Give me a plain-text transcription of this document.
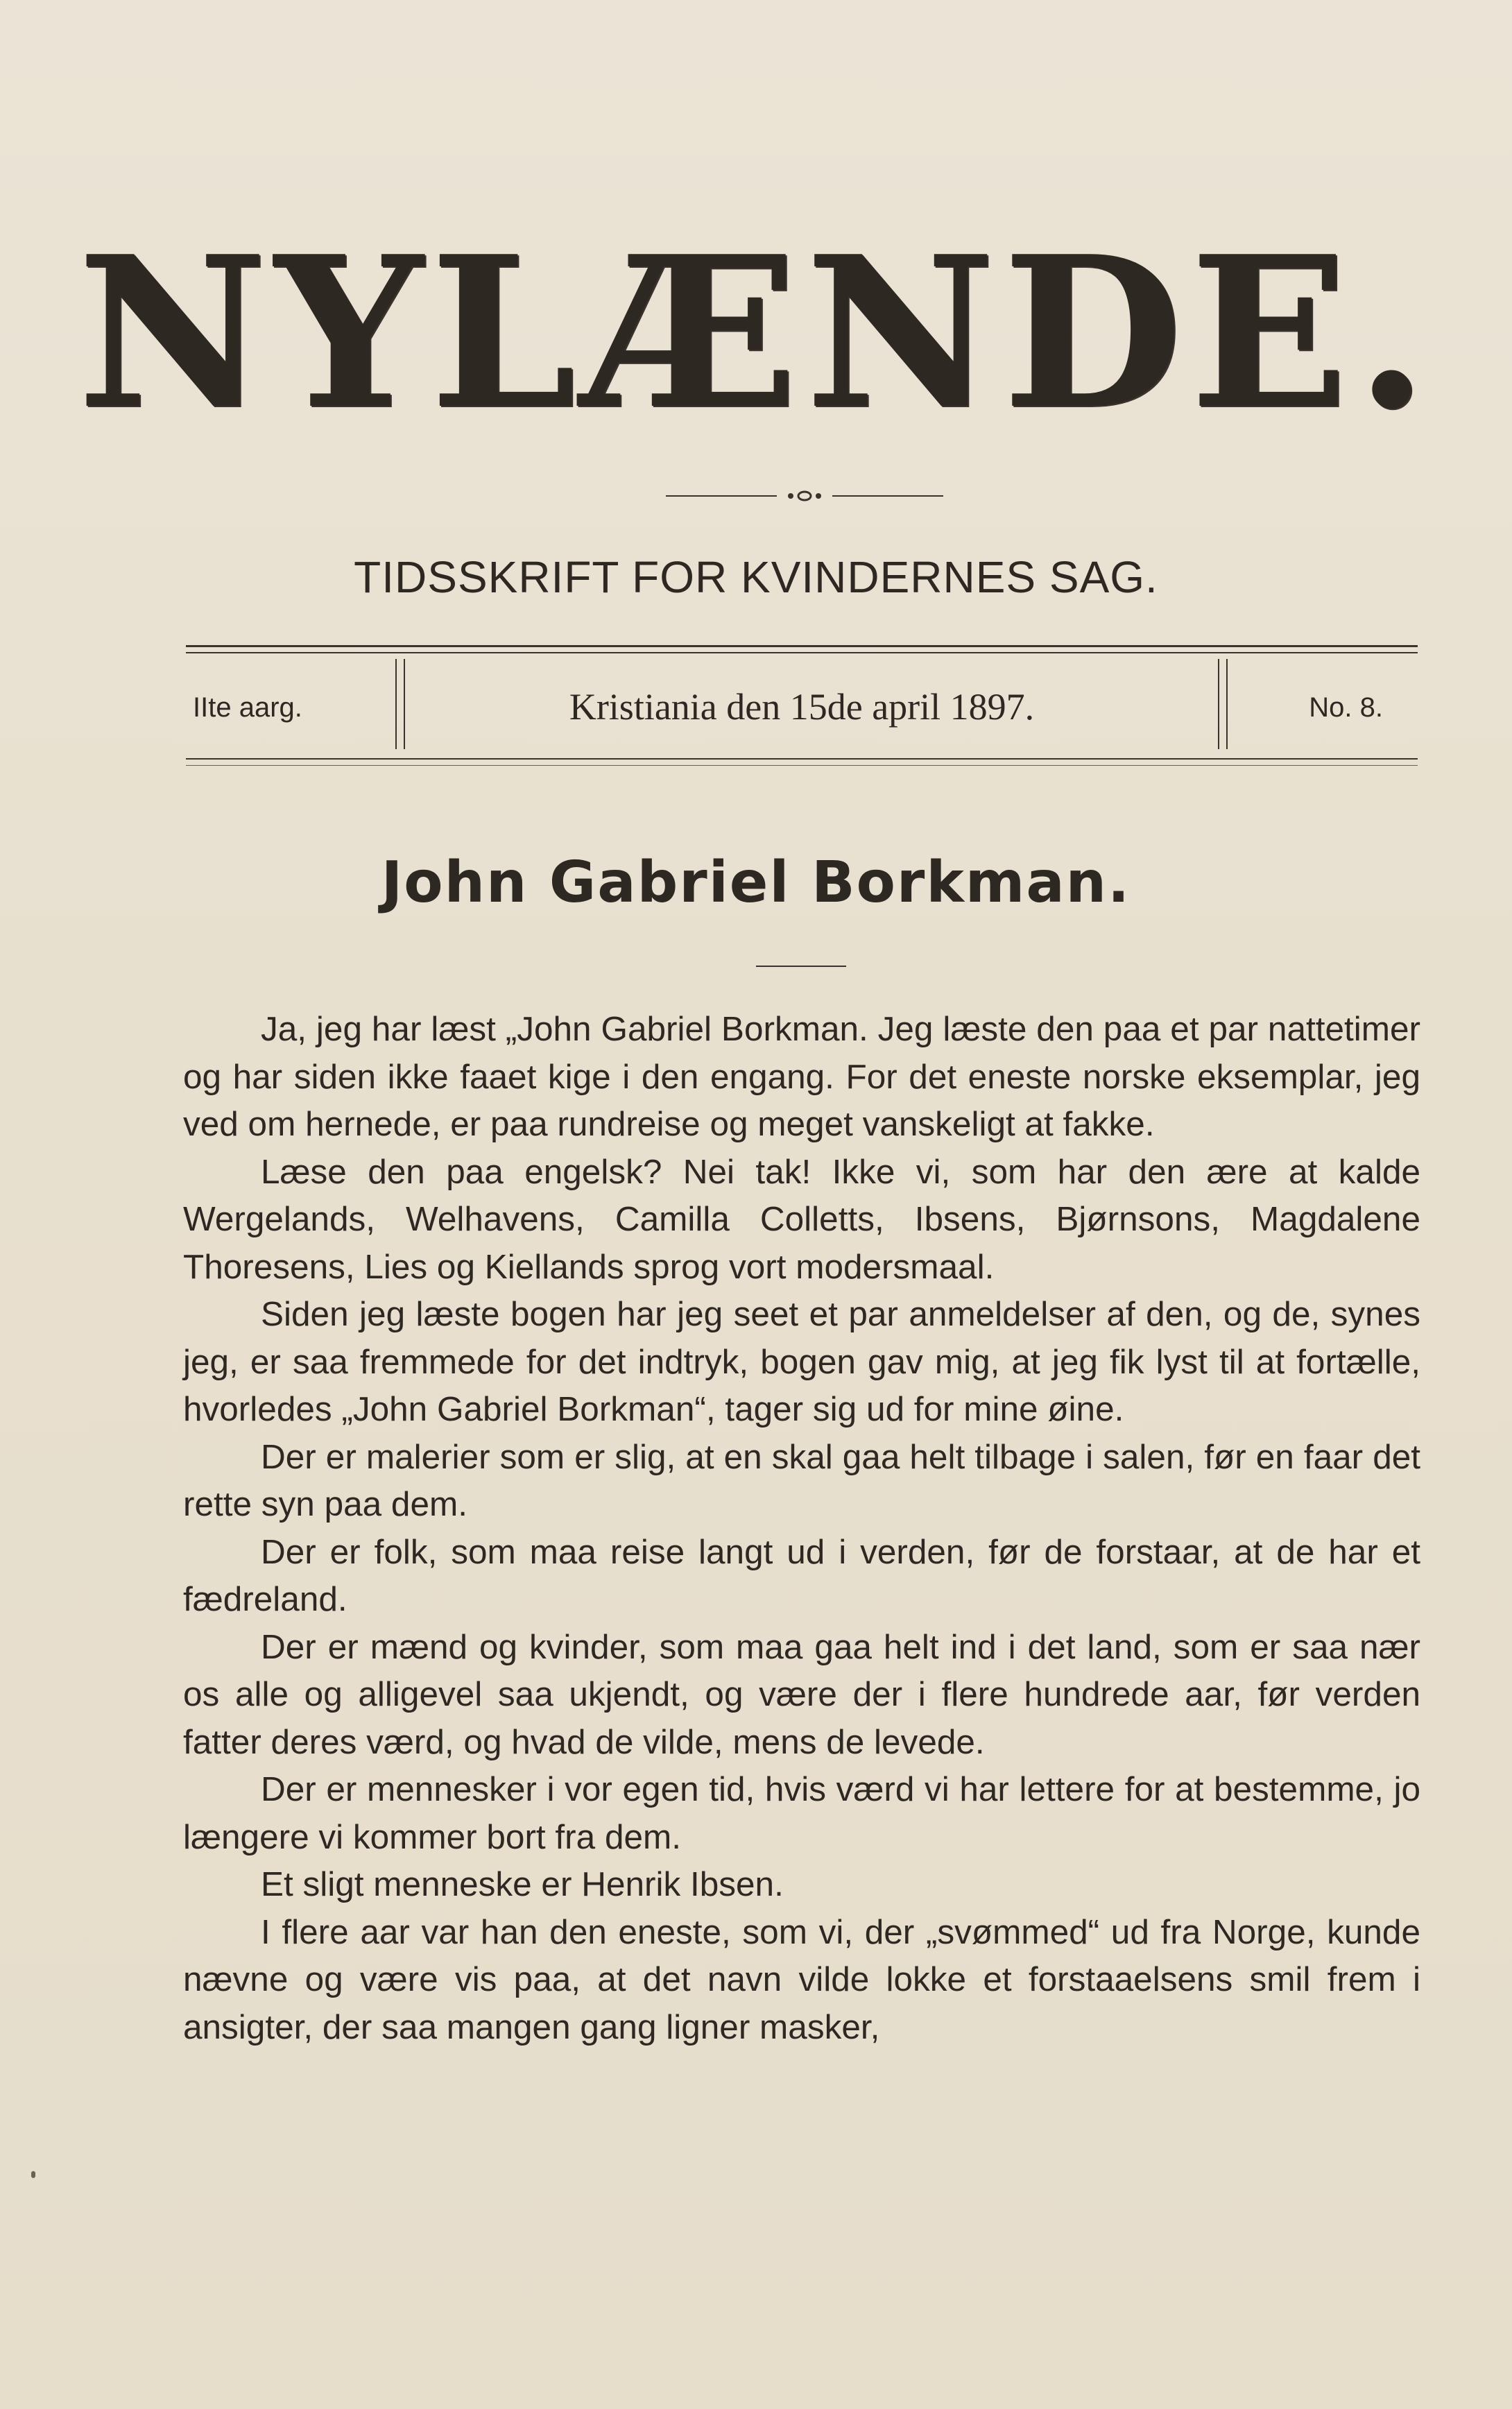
NYLÆNDE.
TIDSSKRIFT FOR KVINDERNES SAG.
IIte aarg.	Kristiania den 15de april 1897.	No. 8.
John Gabriel Borkman.

Ja, jeg har læst „John Gabriel Borkman. Jeg læste den paa et par nattetimer og har siden ikke faaet kige i den engang. For det eneste norske eksemplar, jeg ved om hernede, er paa rundreise og meget vanskeligt at fakke.

Læse den paa engelsk? Nei tak! Ikke vi, som har den ære at kalde Wergelands, Welhavens, Camilla Colletts, Ibsens, Bjørnsons, Magdalene Thoresens, Lies og Kiellands sprog vort modersmaal.

Siden jeg læste bogen har jeg seet et par anmeldelser af den, og de, synes jeg, er saa fremmede for det indtryk, bogen gav mig, at jeg fik lyst til at fortælle, hvorledes „John Gabriel Borkman“, tager sig ud for mine øine.

Der er malerier som er slig, at en skal gaa helt tilbage i salen, før en faar det rette syn paa dem.

Der er folk, som maa reise langt ud i verden, før de forstaar, at de har et fædreland.

Der er mænd og kvinder, som maa gaa helt ind i det land, som er saa nær os alle og alligevel saa ukjendt, og være der i flere hundrede aar, før verden fatter deres værd, og hvad de vilde, mens de levede.

Der er mennesker i vor egen tid, hvis værd vi har lettere for at bestemme, jo længere vi kommer bort fra dem.

Et sligt menneske er Henrik Ibsen.

I flere aar var han den eneste, som vi, der „svømmed“ ud fra Norge, kunde nævne og være vis paa, at det navn vilde lokke et forstaaelsens smil frem i ansigter, der saa mangen gang ligner masker,
